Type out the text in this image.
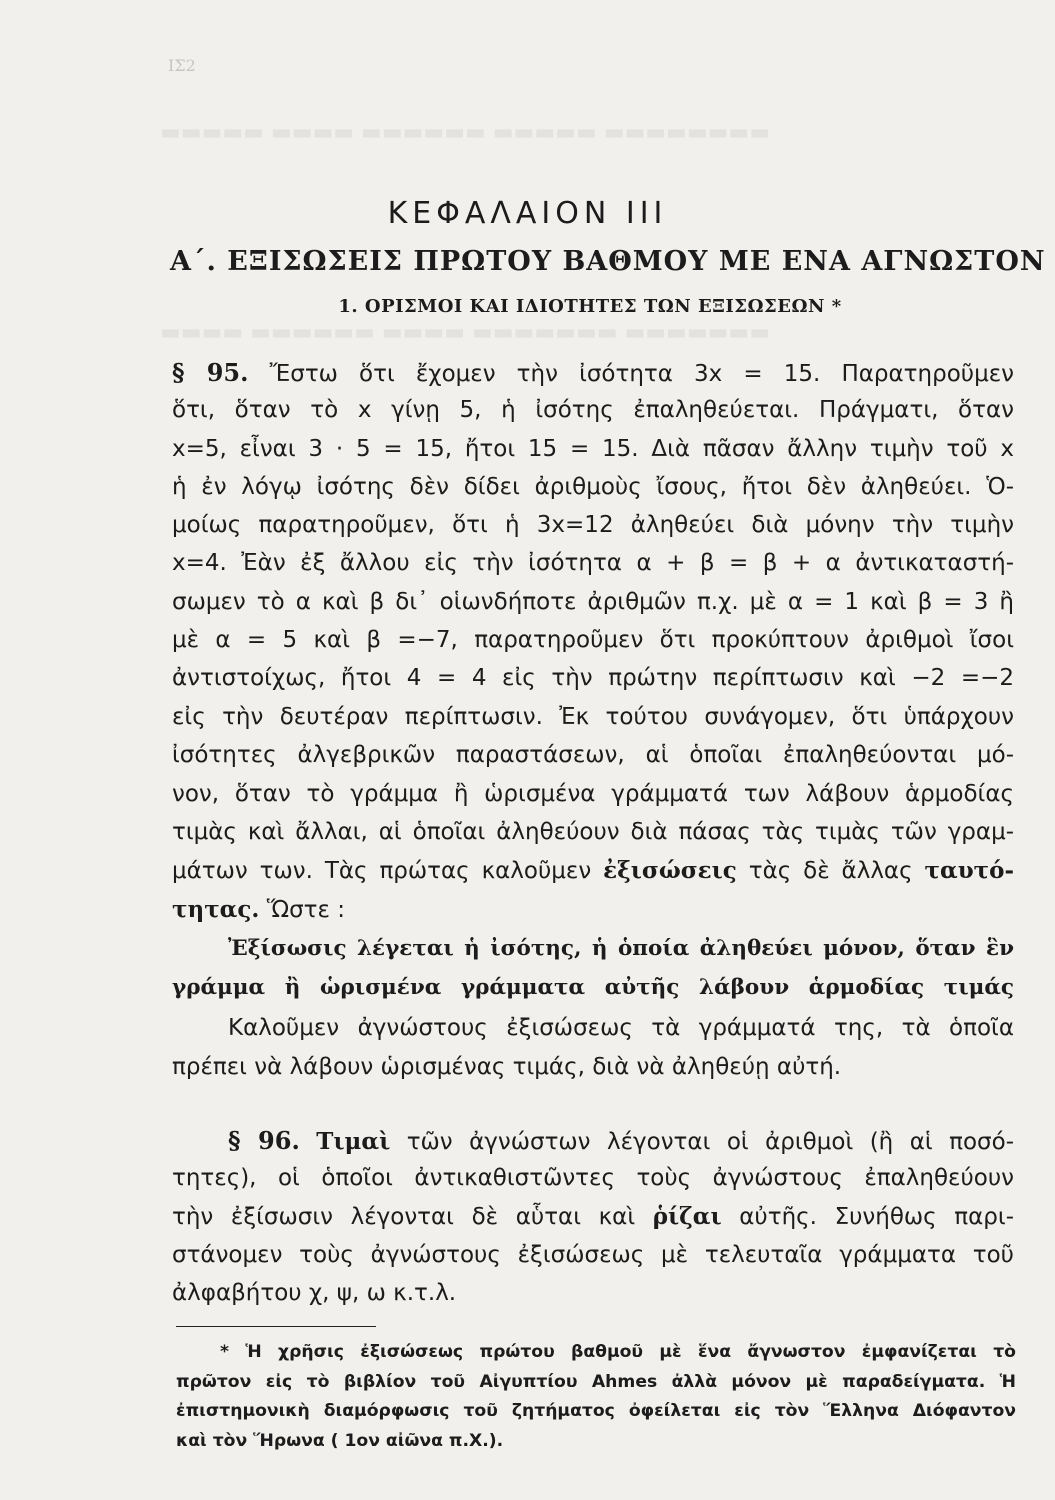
ΙΣ2
▬▬▬▬▬ ▬▬▬▬ ▬▬▬▬▬▬ ▬▬▬▬▬ ▬▬▬▬▬▬▬▬
▬▬▬▬ ▬▬▬▬▬▬ ▬▬▬▬ ▬▬▬▬▬▬▬ ▬▬▬▬▬▬▬
ΚΕΦΑΛΑΙΟΝ III
Α΄. ΕΞΙΣΩΣΕΙΣ ΠΡΩΤΟΥ ΒΑΘΜΟΥ ΜΕ ΕΝΑ ΑΓΝΩΣΤΟΝ
1. ΟΡΙΣΜΟΙ ΚΑΙ ΙΔΙΟΤΗΤΕΣ ΤΩΝ ΕΞΙΣΩΣΕΩΝ *
§ 95. Ἔστω ὅτι ἔχομεν τὴν ἰσότητα 3x = 15. Παρατηροῦμεν
ὅτι, ὅταν τὸ x γίνῃ 5, ἡ ἰσότης ἐπαληθεύεται. Πράγματι, ὅταν
x=5, εἶναι 3 · 5 = 15, ἤτοι 15 = 15. Διὰ πᾶσαν ἄλλην τιμὴν τοῦ x
ἡ ἐν λόγῳ ἰσότης δὲν δίδει ἀριθμοὺς ἴσους, ἤτοι δὲν ἀληθεύει. Ὁ-
μοίως παρατηροῦμεν, ὅτι ἡ 3x=12 ἀληθεύει διὰ μόνην τὴν τιμὴν
x=4. Ἐὰν ἐξ ἄλλου εἰς τὴν ἰσότητα α + β = β + α ἀντικαταστή-
σωμεν τὸ α καὶ β δι᾽ οἱωνδήποτε ἀριθμῶν π.χ. μὲ α = 1 καὶ β = 3 ἢ
μὲ α = 5 καὶ β =−7, παρατηροῦμεν ὅτι προκύπτουν ἀριθμοὶ ἴσοι
ἀντιστοίχως, ἤτοι 4 = 4 εἰς τὴν πρώτην περίπτωσιν καὶ −2 =−2
εἰς τὴν δευτέραν περίπτωσιν. Ἐκ τούτου συνάγομεν, ὅτι ὑπάρχουν
ἰσότητες ἀλγεβρικῶν παραστάσεων, αἱ ὁποῖαι ἐπαληθεύονται μό-
νον, ὅταν τὸ γράμμα ἢ ὡρισμένα γράμματά των λάβουν ἁρμοδίας
τιμὰς καὶ ἄλλαι, αἱ ὁποῖαι ἀληθεύουν διὰ πάσας τὰς τιμὰς τῶν γραμ-
μάτων των. Τὰς πρώτας καλοῦμεν ἐξισώσεις τὰς δὲ ἄλλας ταυτό-
τητας. Ὥστε :
Ἐξίσωσις λέγεται ἡ ἰσότης, ἡ ὁποία ἀληθεύει μόνον, ὅταν ἓν
γράμμα ἢ ὡρισμένα γράμματα αὐτῆς λάβουν ἁρμοδίας τιμάς
Καλοῦμεν ἀγνώστους ἐξισώσεως τὰ γράμματά της, τὰ ὁποῖα
πρέπει νὰ λάβουν ὡρισμένας τιμάς, διὰ νὰ ἀληθεύῃ αὐτή.
§ 96. Τιμαὶ τῶν ἀγνώστων λέγονται οἱ ἀριθμοὶ (ἢ αἱ ποσό-
τητες), οἱ ὁποῖοι ἀντικαθιστῶντες τοὺς ἀγνώστους ἐπαληθεύουν
τὴν ἐξίσωσιν λέγονται δὲ αὗται καὶ ῥίζαι αὐτῆς. Συνήθως παρι-
στάνομεν τοὺς ἀγνώστους ἐξισώσεως μὲ τελευταῖα γράμματα τοῦ
ἀλφαβήτου χ, ψ, ω κ.τ.λ.
* Ἡ χρῆσις ἐξισώσεως πρώτου βαθμοῦ μὲ ἕνα ἄγνωστον ἐμφανίζεται τὸ
πρῶτον εἰς τὸ βιβλίον τοῦ Αἰγυπτίου Ahmes ἀλλὰ μόνον μὲ παραδείγματα. Ἡ
ἐπιστημονικὴ διαμόρφωσις τοῦ ζητήματος ὀφείλεται εἰς τὸν Ἕλληνα Διόφαντον
καὶ τὸν Ἥρωνα ( 1ον αἰῶνα π.Χ.).
